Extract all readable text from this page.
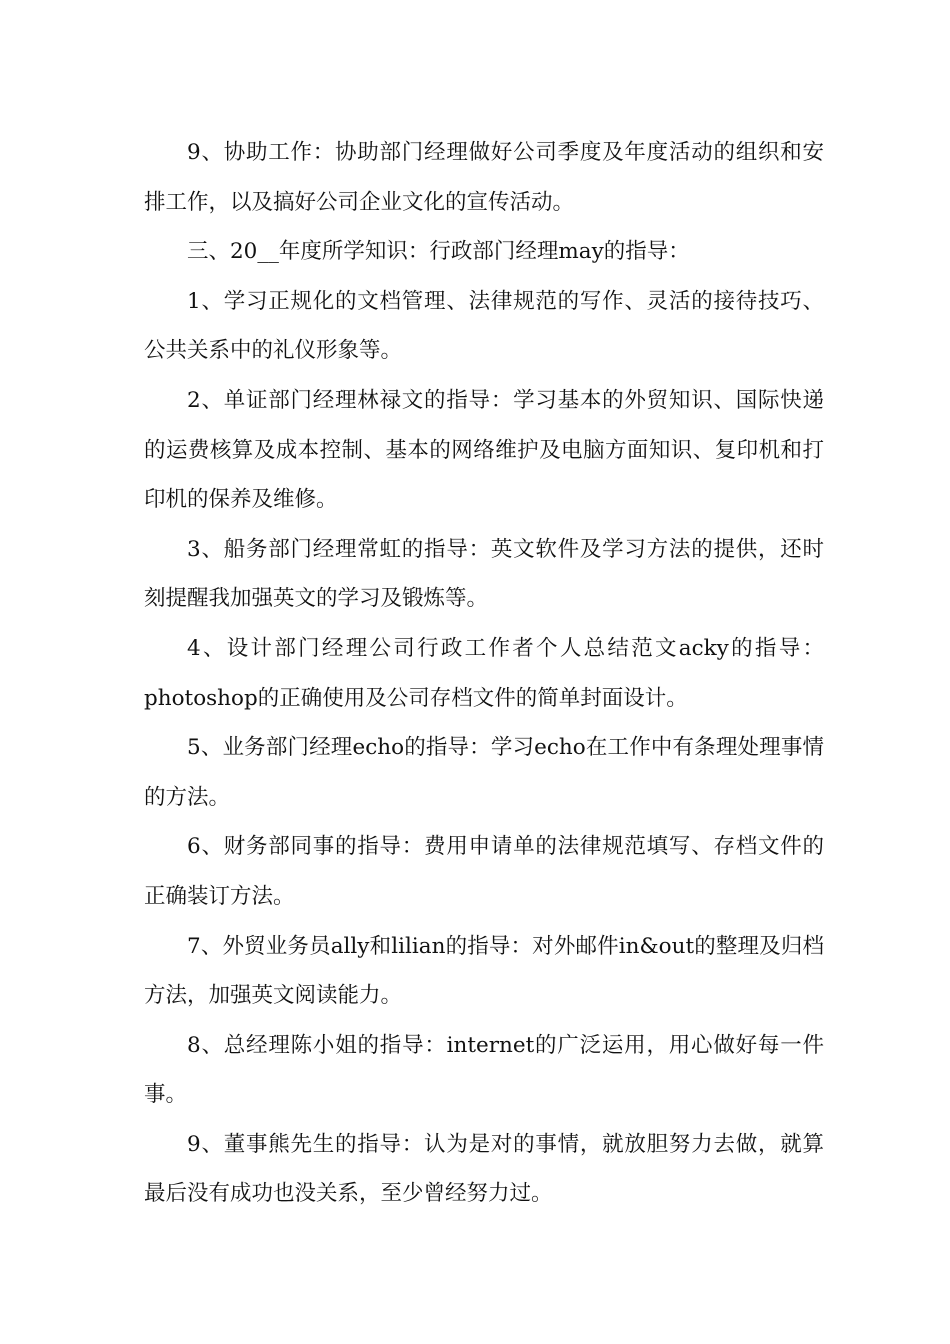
9、协助工作：协助部门经理做好公司季度及年度活动的组织和安排工作，以及搞好公司企业文化的宣传活动。

三、20__年度所学知识：行政部门经理may的指导：

1、学习正规化的文档管理、法律规范的写作、灵活的接待技巧、公共关系中的礼仪形象等。

2、单证部门经理林禄文的指导：学习基本的外贸知识、国际快递的运费核算及成本控制、基本的网络维护及电脑方面知识、复印机和打印机的保养及维修。

3、船务部门经理常虹的指导：英文软件及学习方法的提供，还时刻提醒我加强英文的学习及锻炼等。

4、设计部门经理公司行政工作者个人总结范文acky的指导：photoshop的正确使用及公司存档文件的简单封面设计。

5、业务部门经理echo的指导：学习echo在工作中有条理处理事情的方法。

6、财务部同事的指导：费用申请单的法律规范填写、存档文件的正确装订方法。

7、外贸业务员ally和lilian的指导：对外邮件in&out的整理及归档方法，加强英文阅读能力。

8、总经理陈小姐的指导：internet的广泛运用，用心做好每一件事。

9、董事熊先生的指导：认为是对的事情，就放胆努力去做，就算最后没有成功也没关系，至少曾经努力过。
